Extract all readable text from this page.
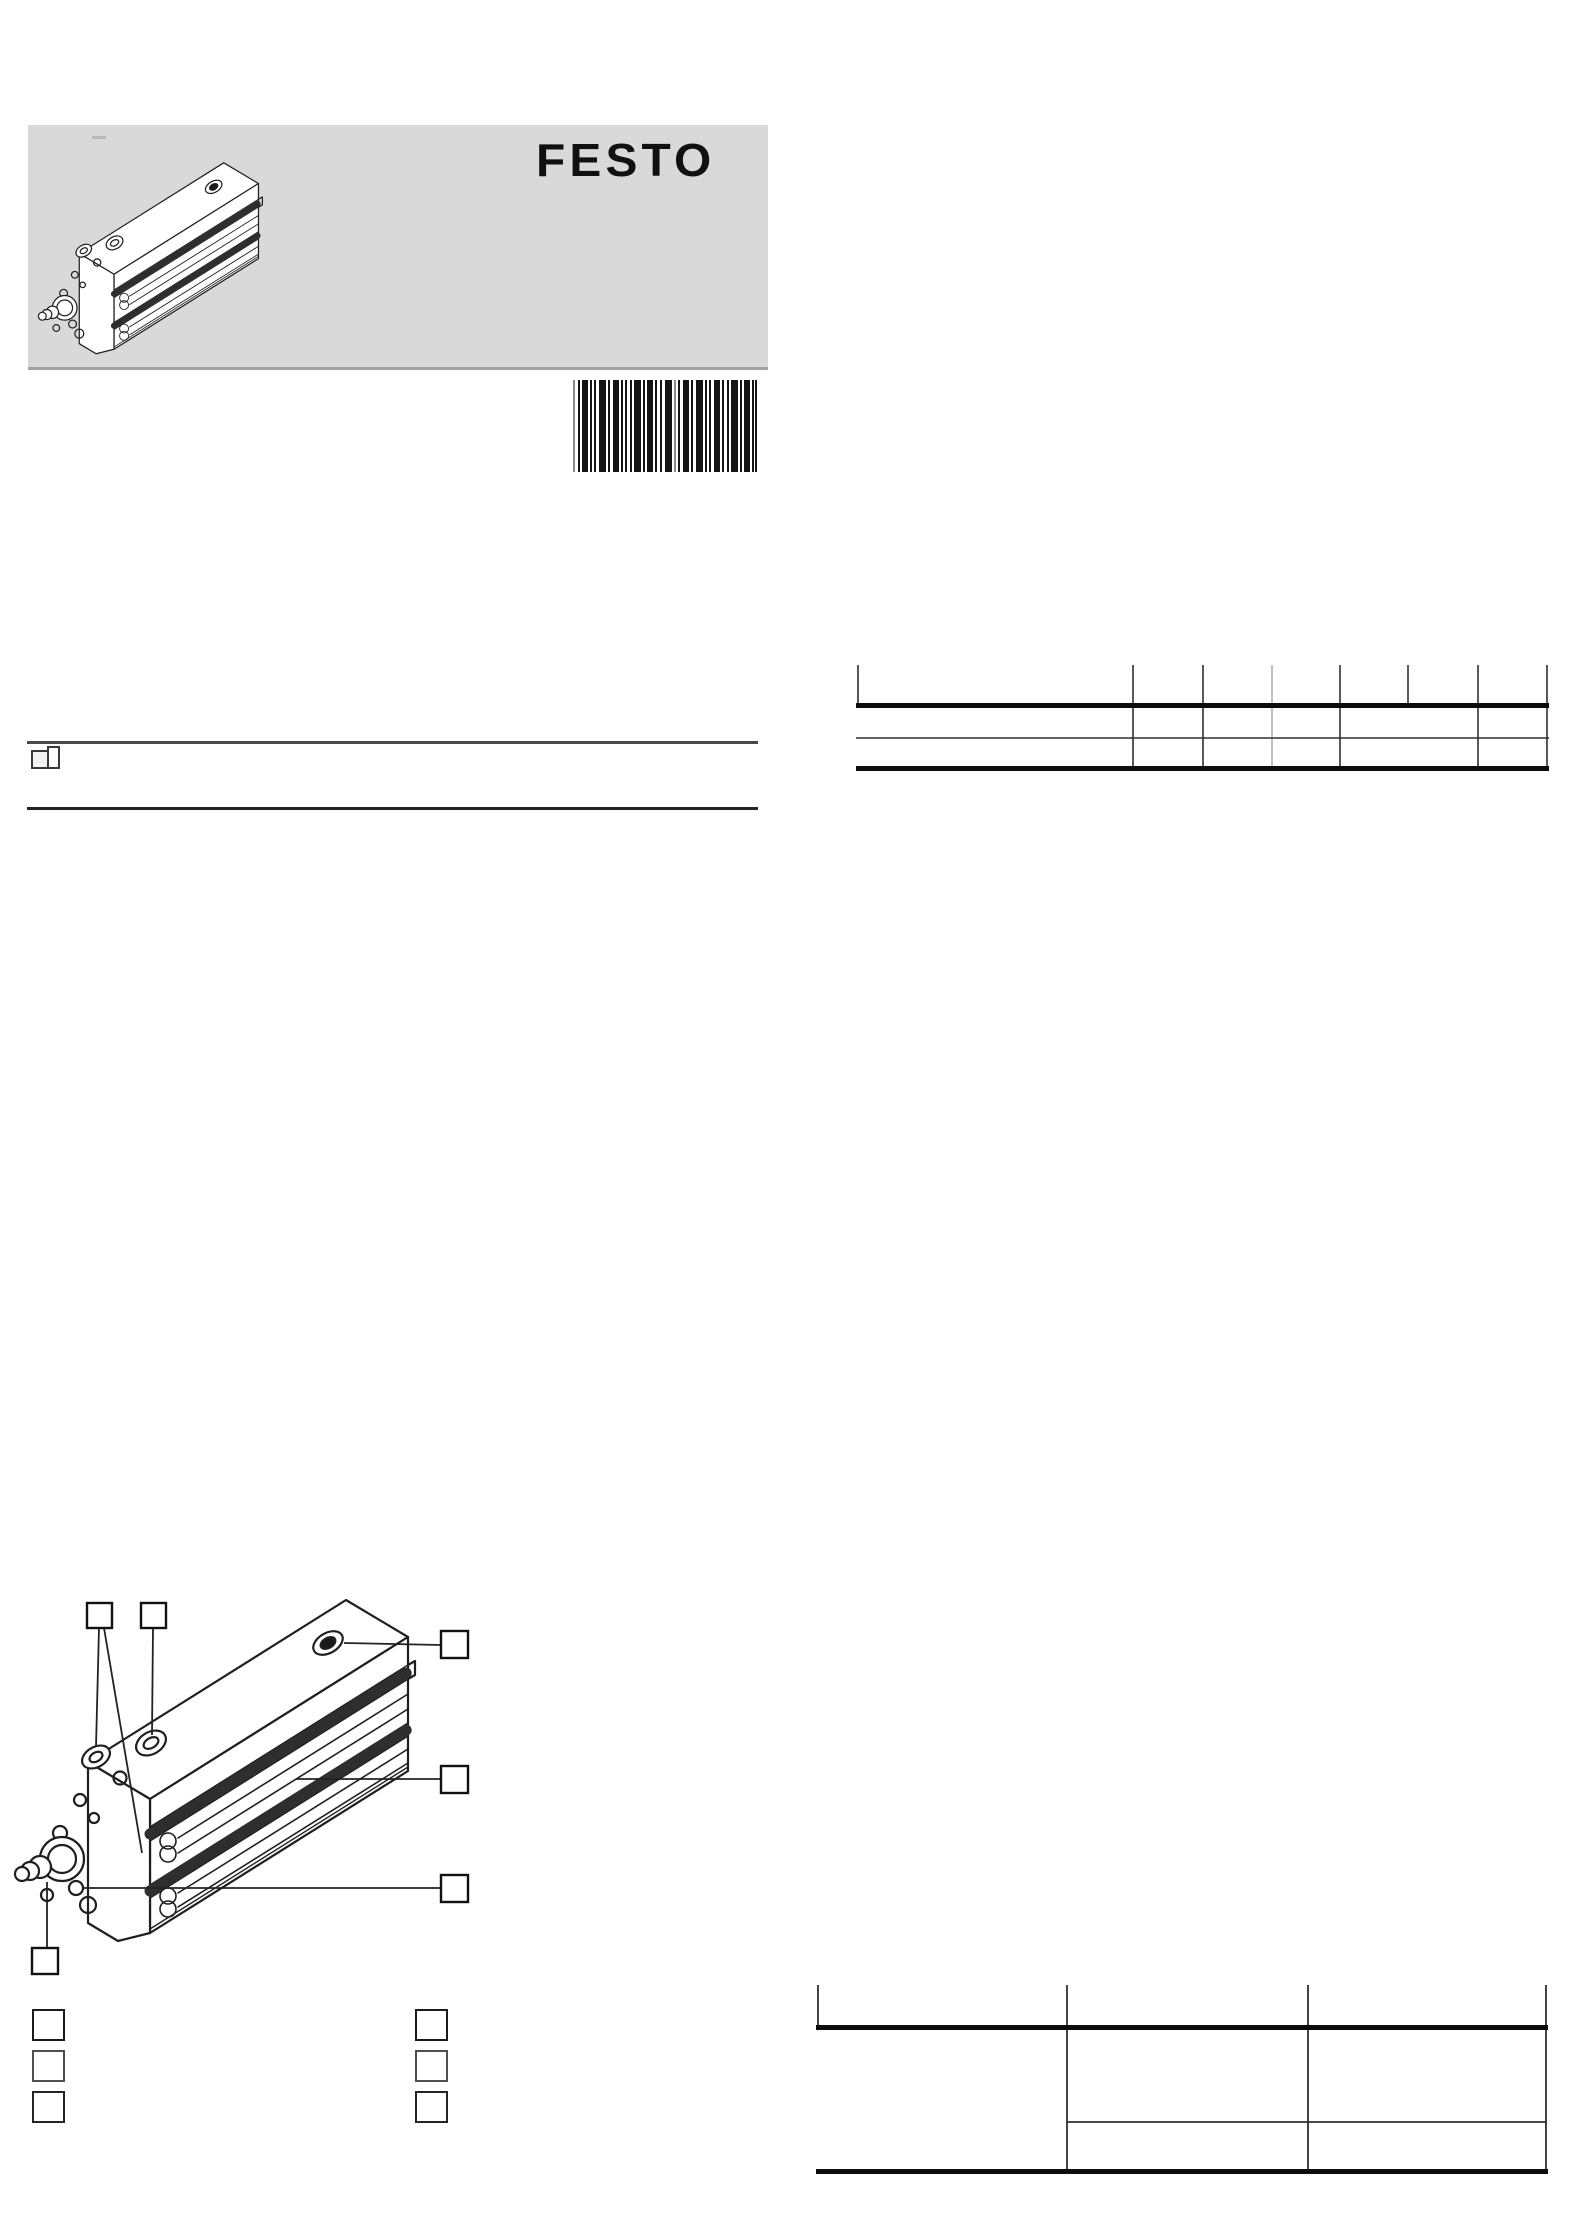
FESTO
